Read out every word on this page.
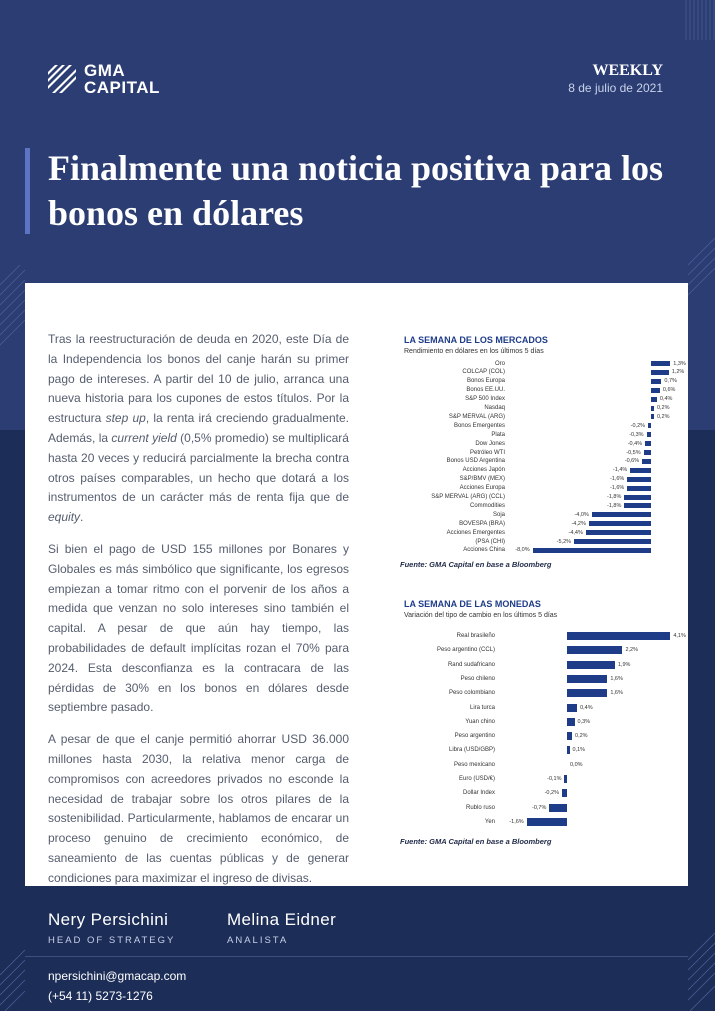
GMA
CAPITAL
WEEKLY
8 de julio de 2021
Finalmente una noticia positiva para los bonos en dólares

Tras la reestructuración de deuda en 2020, este Día de la Independencia los bonos del canje harán su primer pago de intereses. A partir del 10 de julio, arranca una nueva historia para los cupones de estos títulos. Por la estructura step up, la renta irá creciendo gradualmente. Además, la current yield (0,5% promedio) se multiplicará hasta 20 veces y reducirá parcialmente la brecha contra otros países comparables, un hecho que dotará a los instrumentos de un carácter más de renta fija que de equity.

Si bien el pago de USD 155 millones por Bonares y Globales es más simbólico que significante, los egresos empiezan a tomar ritmo con el porvenir de los años a medida que venzan no solo intereses sino también el capital. A pesar de que aún hay tiempo, las probabilidades de default implícitas rozan el 70% para 2024. Esta desconfianza es la contracara de las pérdidas de 30% en los bonos en dólares desde septiembre pasado.

A pesar de que el canje permitió ahorrar USD 36.000 millones hasta 2030, la relativa menor carga de compromisos con acreedores privados no esconde la necesidad de trabajar sobre los otros pilares de la sostenibilidad. Particularmente, hablamos de encarar un proceso genuino de crecimiento económico, de saneamiento de las cuentas públicas y de generar condiciones para maximizar el ingreso de divisas.

LA SEMANA DE LOS MERCADOS
Rendimiento en dólares en los últimos 5 días
Oro	1,3%
COLCAP (COL)	1,2%
Bonos Europa	0,7%
Bonos EE.UU.	0,6%
S&P 500 Index	0,4%
Nasdaq	0,2%
S&P MERVAL (ARG)	0,2%
Bonos Emergentes	-0,2%
Plata	-0,3%
Dow Jones	-0,4%
Petróleo WTI	-0,5%
Bonos USD Argentina	-0,6%
Acciones Japón	-1,4%
S&P/BMV (MEX)	-1,6%
Acciones Europa	-1,6%
S&P MERVAL (ARG) (CCL)	-1,8%
Commodities	-1,8%
Soja	-4,0%
BOVESPA (BRA)	-4,2%
Acciones Emergentes	-4,4%
(PSA (CHI)	-5,2%
Acciones China -8,0%
Fuente: GMA Capital en base a Bloomberg
LA SEMANA DE LAS MONEDAS
Variación del tipo de cambio en los últimos 5 días
Real brasileño	4,1%
Peso argentino (CCL)	2,2%
Rand sudafricano	1,9%
Peso chileno	1,6%
Peso colombiano	1,6%
Lira turca	0,4%
Yuan chino	0,3%
Peso argentino	0,2%
Libra (USD/GBP)	0,1%
Peso mexicano	0,0%
Euro (USD/€)	-0,1%
Dollar Index	-0,2%
Rublo ruso	-0,7%
Yen	-1,6%
Fuente: GMA Capital en base a Bloomberg
Nery Persichini
HEAD OF STRATEGY
Melina Eidner
ANALISTA
npersichini@gmacap.com
(+54 11) 5273-1276
